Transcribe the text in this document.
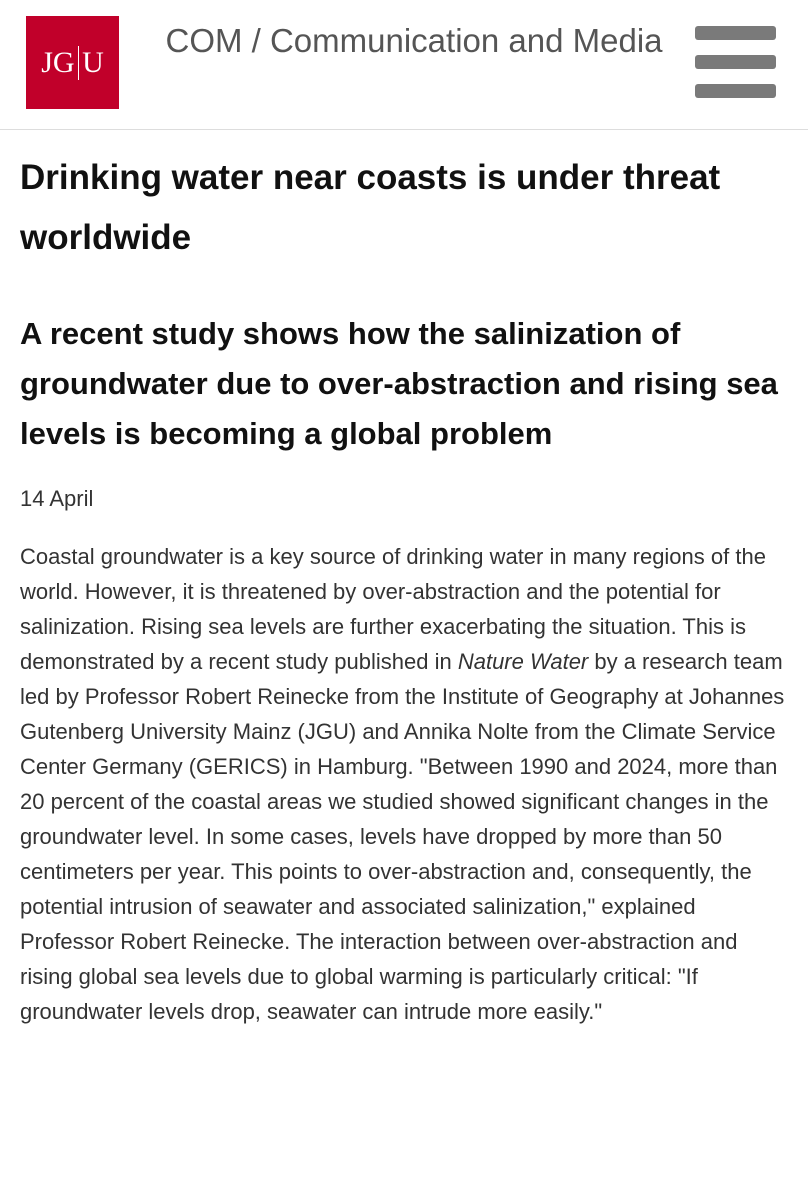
JG U
COM / Communication and Media
Drinking water near coasts is under threat worldwide
A recent study shows how the salinization of groundwater due to over-abstraction and rising sea levels is becoming a global problem
14 April

Coastal groundwater is a key source of drinking water in many regions of the world. However, it is threatened by over-abstraction and the potential for salinization. Rising sea levels are further exacerbating the situation. This is demonstrated by a recent study published in Nature Water by a research team led by Professor Robert Reinecke from the Institute of Geography at Johannes Gutenberg University Mainz (JGU) and Annika Nolte from the Climate Service Center Germany (GERICS) in Hamburg. "Between 1990 and 2024, more than 20 percent of the coastal areas we studied showed significant changes in the groundwater level. In some cases, levels have dropped by more than 50 centimeters per year. This points to over-abstraction and, consequently, the potential intrusion of seawater and associated salinization," explained Professor Robert Reinecke. The interaction between over-abstraction and rising global sea levels due to global warming is particularly critical: "If groundwater levels drop, seawater can intrude more easily."
